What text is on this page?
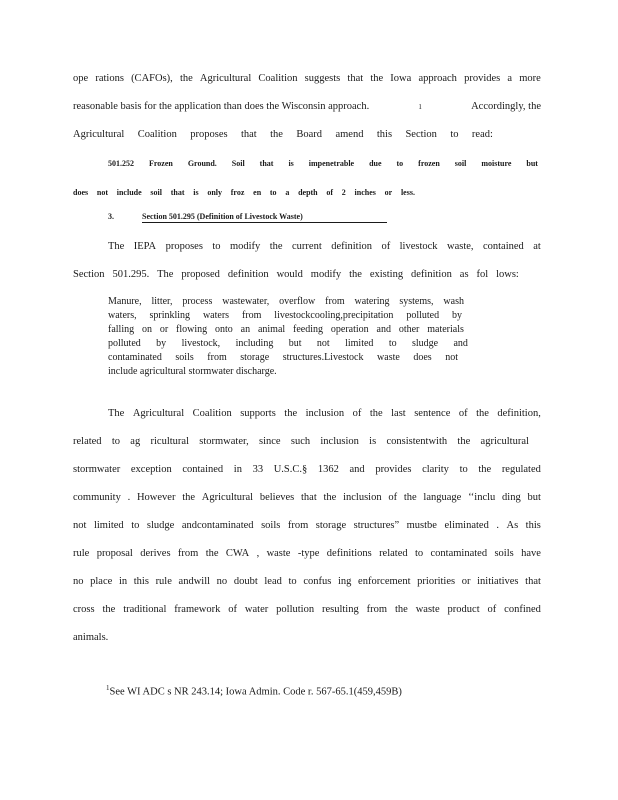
ope rations (CAFOs), the Agricultural Coalition suggests that the Iowa approach provides a more
reasonable basis for the application than does the Wisconsin approach.	1	Accordingly, the
Agricultural Coalition proposes that the Board amend this Section to read:
501.252 Frozen Ground. Soil that is impenetrable due to frozen soil moisture but
does not include soil that is only froz en to a depth of 2 inches or less.
3.	Section 501.295 (Definition of Livestock Waste)
The IEPA proposes to modify the current definition of livestock waste, contained at
Section 501.295. The proposed definition would modify the existing definition as fol lows:
Manure, litter, process wastewater, overflow from watering systems, wash
waters, sprinkling waters from livestockcooling,precipitation polluted by
falling on or flowing onto an animal feeding operation and other materials
polluted by livestock, including but not limited to sludge and
contaminated soils from storage structures.Livestock waste does not
include agricultural stormwater discharge.
The Agricultural Coalition supports the inclusion of the last sentence of the definition,
related to ag ricultural stormwater, since such inclusion is consistentwith the agricultural
stormwater exception contained in 33 U.S.C.§ 1362 and provides clarity to the regulated
community . However the Agricultural believes that the inclusion of the language ‘‘inclu ding but
not limited to sludge andcontaminated soils from storage structures” mustbe eliminated . As this
rule proposal derives from the CWA , waste -type definitions related to contaminated soils have
no place in this rule andwill no doubt lead to confus ing enforcement priorities or initiatives that
cross the traditional framework of water pollution resulting from the waste product of confined
animals.
$^1$See WI ADC s NR 243.14; Iowa Admin. Code r. 567-65.1(459,459B)
